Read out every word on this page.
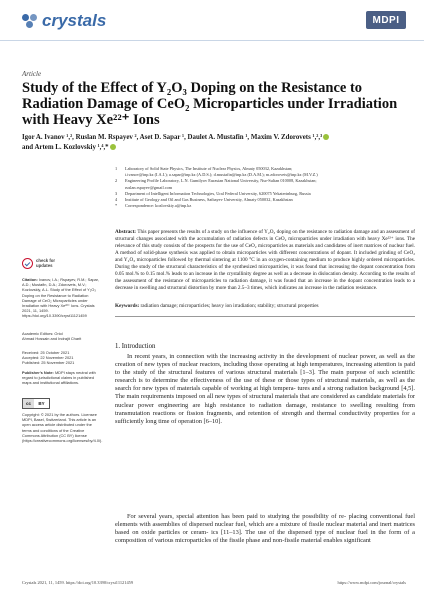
crystals	MDPI
Article
Study of the Effect of Y₂O₃ Doping on the Resistance to
Radiation Damage of CeO₂ Microparticles under Irradiation
with Heavy Xe²²⁺ Ions
Igor A. Ivanov ¹,², Ruslan M. Rspayev ², Aset D. Sapar ¹, Daulet A. Mustafin ¹, Maxim V. Zdorovets ¹,²,³
and Artem L. Kozlovskiy ¹,⁴,*
1	Laboratory of Solid State Physics, The Institute of Nuclear Physics, Almaty 050032, Kazakhstan;
i.ivanov@inp.kz (I.A.I.); a.sapar@inp.kz (A.D.S.); d.mustafin@inp.kz (D.A.M.); m.zdorovets@inp.kz (M.V.Z.)
2	Engineering Profile Laboratory, L.N. Gumilyov Eurasian National University, Nur-Sultan 010008, Kazakhstan;
ruslan.rspayev@gmail.com
3	Department of Intelligent Information Technologies, Ural Federal University, 620075 Yekaterinburg, Russia
4	Institute of Geology and Oil and Gas Business, Satbayev University, Almaty 050032, Kazakhstan
*	Correspondence: kozlovskiy.a@inp.kz
Abstract: This paper presents the results of a study on the influence of Y₂O₃ doping on the resistance to radiation damage and an assessment of structural changes associated with the accumulation of radiation defects in CeO₂ microparticles under irradiation with heavy Xe²²⁺ ions. The relevance of this study consists of the prospects for the use of CeO₂ microparticles as materials and candidates of inert matrices of nuclear fuel. A method of solid-phase synthesis was applied to obtain microparticles with different concentrations of dopant. It included grinding of CeO₂ and Y₂O₃ microparticles followed by thermal sintering at 1100 °C in an oxygen-containing medium to produce highly ordered microparticles. During the study of the structural characteristics of the synthesized microparticles, it was found that increasing the dopant concentration from 0.05 mol.% to 0.15 mol.% leads to an increase in the crystallinity degree as well as a decrease in dislocation density. According to the results of the assessment of the resistance of microparticles to radiation damage, it was found that an increase in the dopant concentration leads to a decrease in swelling and structural distortion by more than 2.5–3 times, which indicates an increase in the radiation resistance.
Keywords: radiation damage; microparticles; heavy ion irradiation; stability; structural properties
check for updates
Citation: Ivanov, I.A.; Rspayev, R.M.; Sapar, A.D.; Mustafin, D.A.; Zdorovets, M.V.; Kozlovskiy, A.L. Study of the Effect of Y₂O₃ Doping on the Resistance to Radiation Damage of CeO₂ Microparticles under Irradiation with Heavy Xe²²⁺ Ions. Crystals 2021, 11, 1459. https://doi.org/10.3390/cryst11121459
Academic Editors: Oriol
Ahmad Hossain and Indrajit Charit
Received: 25 October 2021
Accepted: 22 November 2021
Published: 25 November 2021
Publisher's Note: MDPI stays neutral with regard to jurisdictional claims in published maps and institutional affiliations.
cc	BY
Copyright: © 2021 by the authors. Licensee MDPI, Basel, Switzerland. This article is an open access article distributed under the terms and conditions of the Creative Commons Attribution (CC BY) license (https://creativecommons.org/licenses/by/4.0/).
1. Introduction
In recent years, in connection with the increasing activity in the development of nuclear power, as well as the creation of new types of nuclear reactors, including those operating at high temperatures, increasing attention is paid to the study of the structural features of various structural materials [1–3]. The main purpose of such scientific research is to determine the effectiveness of the use of these or those types of structural materials, as well as the search for new types of materials capable of working at high tempera- tures and a strong radiation background [4,5]. The main requirements imposed on all new types of structural materials that are considered as candidate materials for nuclear power engineering are high resistance to radiation damage, resistance to swelling resulting from transmutation reactions or fission fragments, and retention of strength and thermal conductivity properties for a sufficiently long time of operation [6–10].
For several years, special attention has been paid to studying the possibility of re- placing conventional fuel elements with assemblies of dispersed nuclear fuel, which are a mixture of fissile nuclear material and inert matrices based on oxide particles or ceram- ics [11–13]. The use of the dispersed type of nuclear fuel in the form of a composition of various microparticles of the fissile phase and non-fissile material enables significant
Crystals 2021, 11, 1459. https://doi.org/10.3390/cryst11121459	https://www.mdpi.com/journal/crystals
